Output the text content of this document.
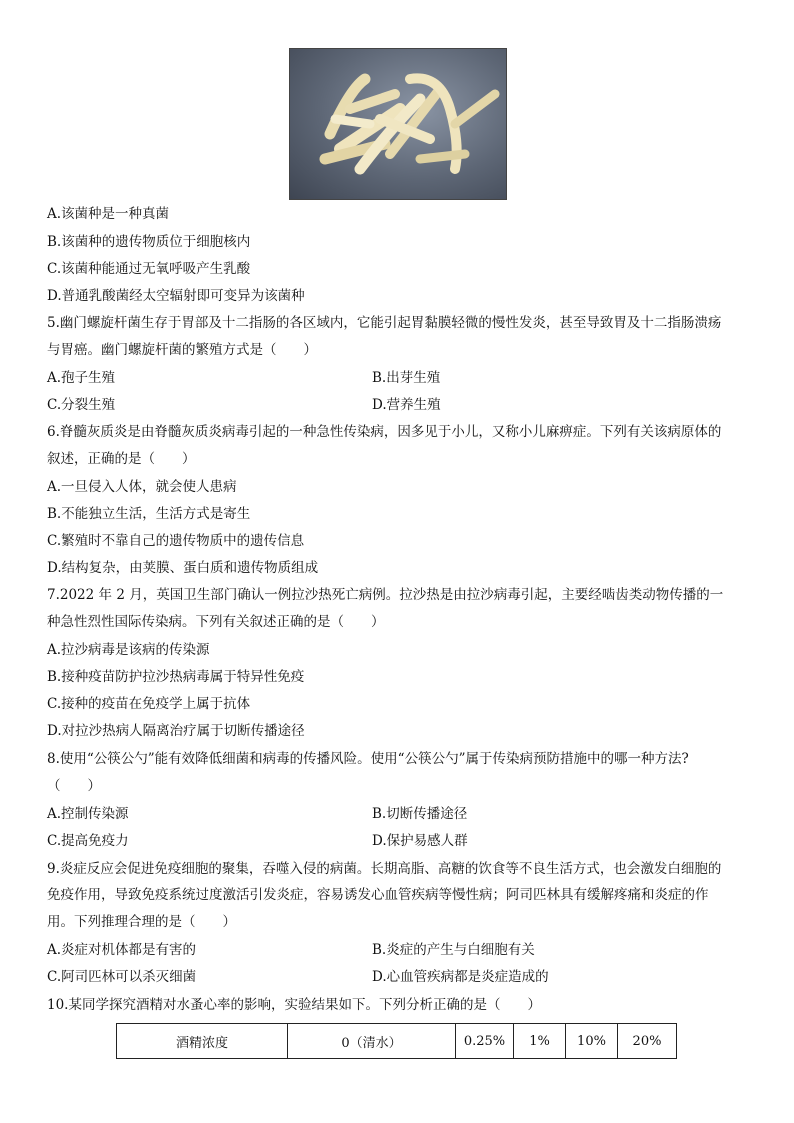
A.该菌种是一种真菌
B.该菌种的遗传物质位于细胞核内
C.该菌种能通过无氧呼吸产生乳酸
D.普通乳酸菌经太空辐射即可变异为该菌种
5.幽门螺旋杆菌生存于胃部及十二指肠的各区域内，它能引起胃黏膜轻微的慢性发炎，甚至导致胃及十二指肠溃疡
与胃癌。幽门螺旋杆菌的繁殖方式是（　　）
A.孢子生殖	B.出芽生殖
C.分裂生殖	D.营养生殖
6.脊髓灰质炎是由脊髓灰质炎病毒引起的一种急性传染病，因多见于小儿，又称小儿麻痹症。下列有关该病原体的
叙述，正确的是（　　）
A.一旦侵入人体，就会使人患病
B.不能独立生活，生活方式是寄生
C.繁殖时不靠自己的遗传物质中的遗传信息
D.结构复杂，由荚膜、蛋白质和遗传物质组成
7.2022 年 2 月，英国卫生部门确认一例拉沙热死亡病例。拉沙热是由拉沙病毒引起，主要经啮齿类动物传播的一
种急性烈性国际传染病。下列有关叙述正确的是（　　）
A.拉沙病毒是该病的传染源
B.接种疫苗防护拉沙热病毒属于特异性免疫
C.接种的疫苗在免疫学上属于抗体
D.对拉沙热病人隔离治疗属于切断传播途径
8.使用“公筷公勺”能有效降低细菌和病毒的传播风险。使用“公筷公勺”属于传染病预防措施中的哪一种方法?
（　　）
A.控制传染源	B.切断传播途径
C.提高免疫力	D.保护易感人群
9.炎症反应会促进免疫细胞的聚集，吞噬入侵的病菌。长期高脂、高糖的饮食等不良生活方式，也会激发白细胞的
免疫作用，导致免疫系统过度激活引发炎症，容易诱发心血管疾病等慢性病；阿司匹林具有缓解疼痛和炎症的作
用。下列推理合理的是（　　）
A.炎症对机体都是有害的	B.炎症的产生与白细胞有关
C.阿司匹林可以杀灭细菌	D.心血管疾病都是炎症造成的
10.某同学探究酒精对水蚤心率的影响，实验结果如下。下列分析正确的是（　　）
酒精浓度	0（清水）	0.25%	1%	10%	20%
